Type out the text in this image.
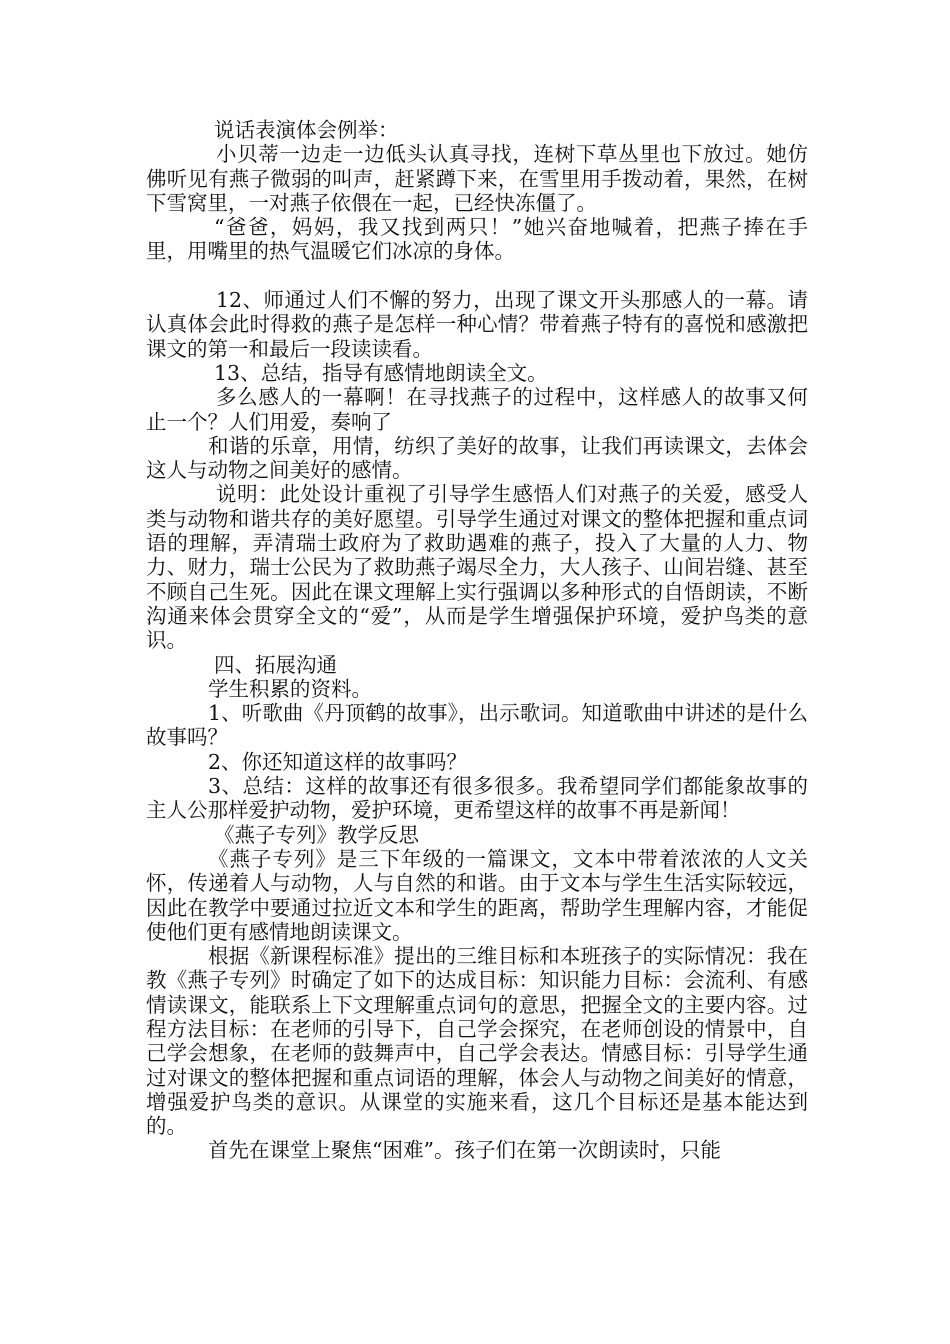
说话表演体会例举：

小贝蒂一边走一边低头认真寻找，连树下草丛里也下放过。她仿佛听见有燕子微弱的叫声，赶紧蹲下来，在雪里用手拨动着，果然，在树下雪窝里，一对燕子依偎在一起，已经快冻僵了。

“爸爸，妈妈，我又找到两只！”她兴奋地喊着，把燕子捧在手里，用嘴里的热气温暖它们冰凉的身体。

12、师通过人们不懈的努力，出现了课文开头那感人的一幕。请认真体会此时得救的燕子是怎样一种心情？带着燕子特有的喜悦和感激把课文的第一和最后一段读读看。

13、总结，指导有感情地朗读全文。

多么感人的一幕啊！在寻找燕子的过程中，这样感人的故事又何止一个？人们用爱，奏响了

和谐的乐章，用情，纺织了美好的故事，让我们再读课文，去体会这人与动物之间美好的感情。

说明：此处设计重视了引导学生感悟人们对燕子的关爱，感受人类与动物和谐共存的美好愿望。引导学生通过对课文的整体把握和重点词语的理解，弄清瑞士政府为了救助遇难的燕子，投入了大量的人力、物力、财力，瑞士公民为了救助燕子竭尽全力，大人孩子、山间岩缝、甚至不顾自己生死。因此在课文理解上实行强调以多种形式的自悟朗读，不断沟通来体会贯穿全文的“爱”，从而是学生增强保护环境，爱护鸟类的意识。

四、拓展沟通

学生积累的资料。

1、听歌曲《丹顶鹤的故事》，出示歌词。知道歌曲中讲述的是什么故事吗？

2、你还知道这样的故事吗？

3、总结：这样的故事还有很多很多。我希望同学们都能象故事的主人公那样爱护动物，爱护环境，更希望这样的故事不再是新闻！

《燕子专列》教学反思

《燕子专列》是三下年级的一篇课文，文本中带着浓浓的人文关怀，传递着人与动物，人与自然的和谐。由于文本与学生生活实际较远，因此在教学中要通过拉近文本和学生的距离，帮助学生理解内容，才能促使他们更有感情地朗读课文。

根据《新课程标准》提出的三维目标和本班孩子的实际情况：我在教《燕子专列》时确定了如下的达成目标：知识能力目标：会流利、有感情读课文，能联系上下文理解重点词句的意思，把握全文的主要内容。过程方法目标：在老师的引导下，自己学会探究，在老师创设的情景中，自己学会想象，在老师的鼓舞声中，自己学会表达。情感目标：引导学生通过对课文的整体把握和重点词语的理解，体会人与动物之间美好的情意，增强爱护鸟类的意识。从课堂的实施来看，这几个目标还是基本能达到的。

首先在课堂上聚焦“困难”。孩子们在第一次朗读时，只能
